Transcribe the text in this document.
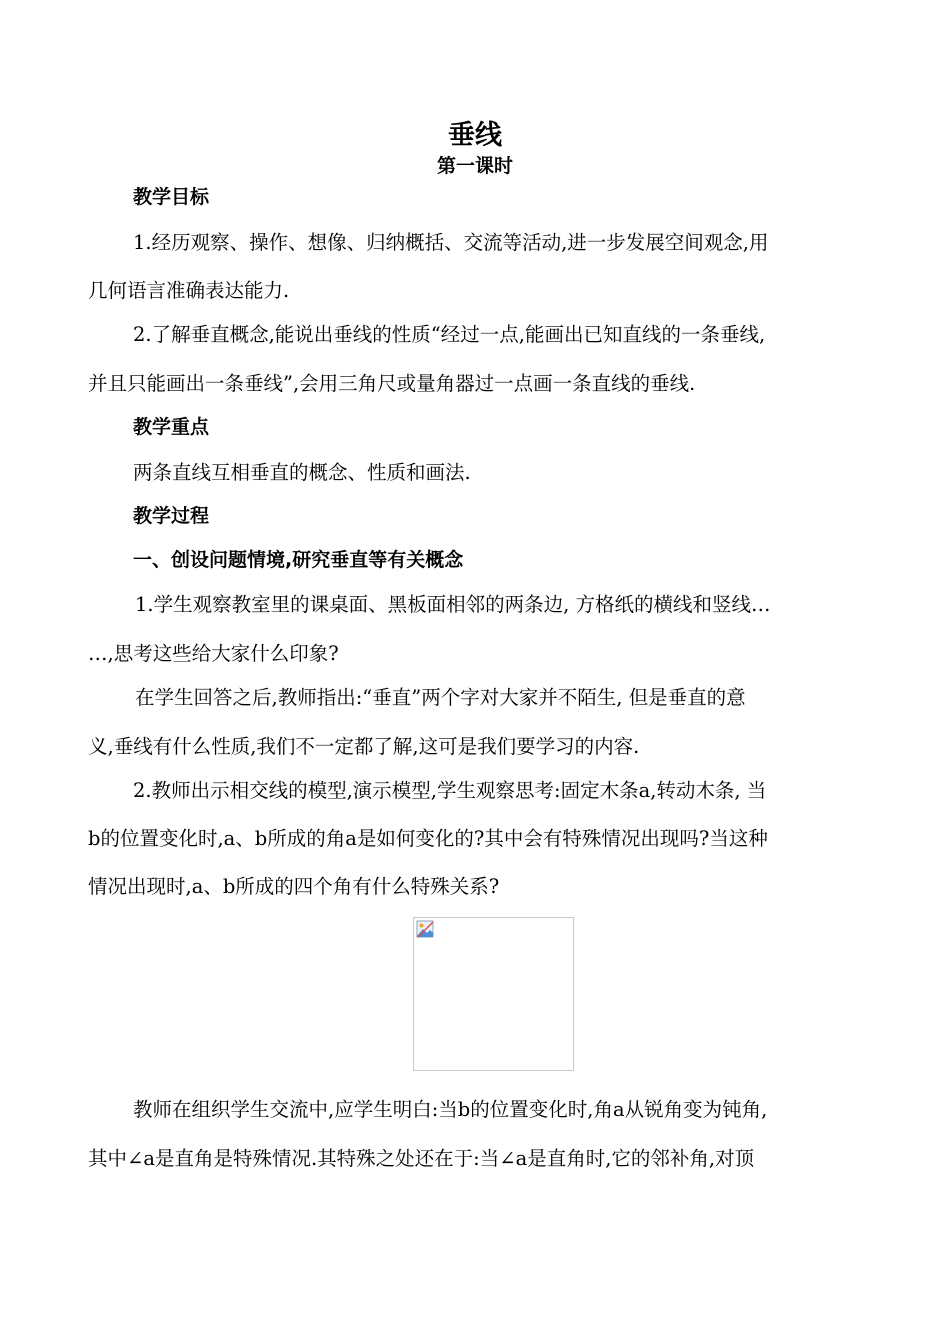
垂线
第一课时
教学目标
1.经历观察、操作、想像、归纳概括、交流等活动,进一步发展空间观念,用
几何语言准确表达能力.
2.了解垂直概念,能说出垂线的性质“经过一点,能画出已知直线的一条垂线,
并且只能画出一条垂线”,会用三角尺或量角器过一点画一条直线的垂线.
教学重点
两条直线互相垂直的概念、性质和画法.
教学过程
一、创设问题情境,研究垂直等有关概念
1.学生观察教室里的课桌面、黑板面相邻的两条边, 方格纸的横线和竖线…
…,思考这些给大家什么印象?
在学生回答之后,教师指出:“垂直”两个字对大家并不陌生, 但是垂直的意
义,垂线有什么性质,我们不一定都了解,这可是我们要学习的内容.
2.教师出示相交线的模型,演示模型,学生观察思考:固定木条a,转动木条, 当
b的位置变化时,a、b所成的角a是如何变化的?其中会有特殊情况出现吗?当这种
情况出现时,a、b所成的四个角有什么特殊关系?
教师在组织学生交流中,应学生明白:当b的位置变化时,角a从锐角变为钝角,
其中∠a是直角是特殊情况.其特殊之处还在于:当∠a是直角时,它的邻补角,对顶
